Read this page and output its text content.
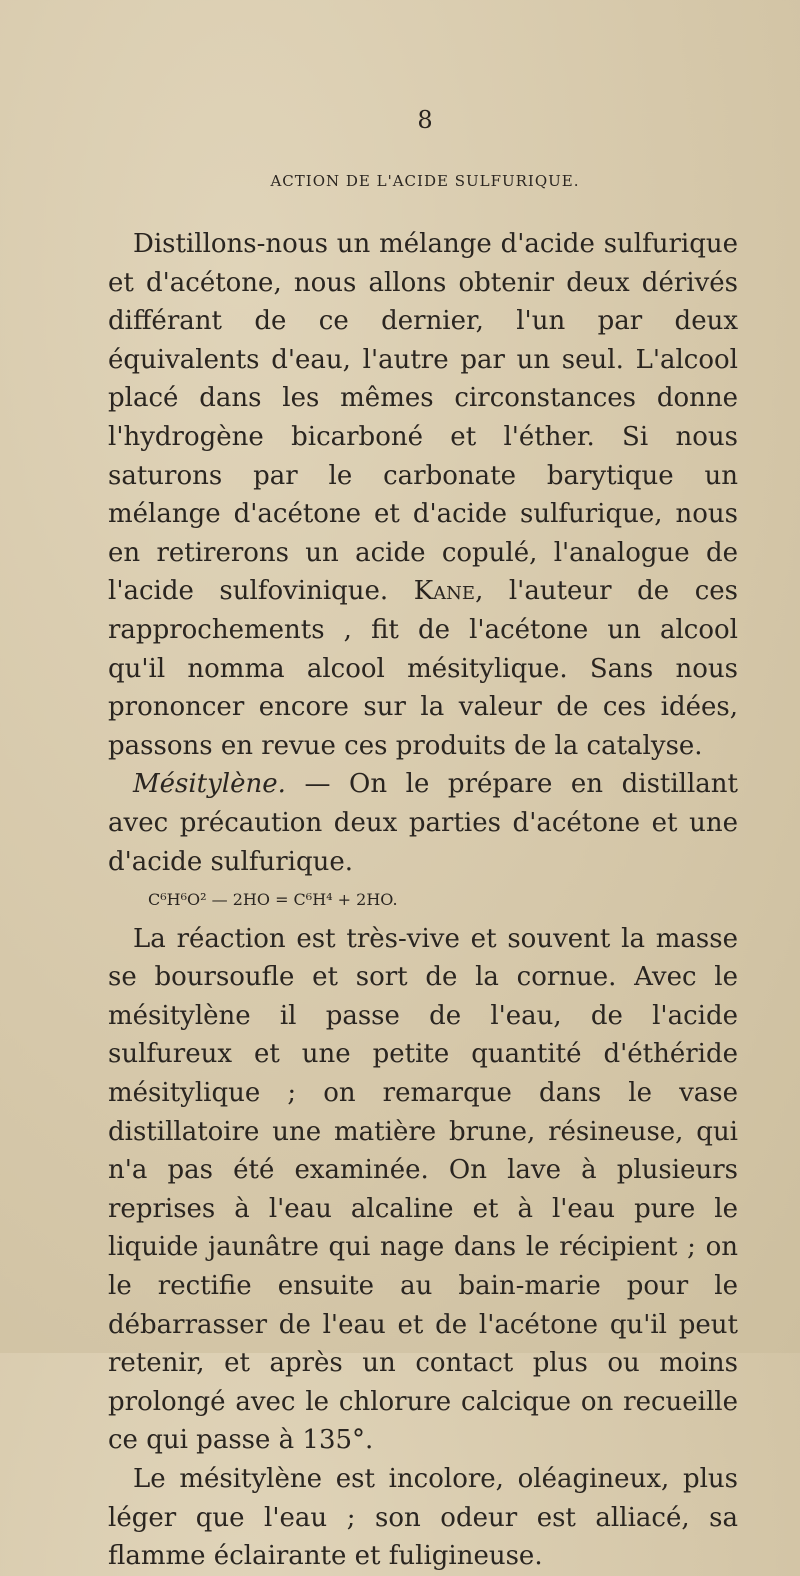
8
ACTION DE L'ACIDE SULFURIQUE.

Distillons-nous un mélange d'acide sulfurique et d'acétone, nous allons obtenir deux dérivés différant de ce dernier, l'un par deux équivalents d'eau, l'autre par un seul. L'alcool placé dans les mêmes circonstances donne l'hydrogène bicarboné et l'éther. Si nous saturons par le carbonate barytique un mélange d'acétone et d'acide sulfurique, nous en retirerons un acide copulé, l'analogue de l'acide sulfovinique. Kane, l'auteur de ces rapprochements , fit de l'acétone un alcool qu'il nomma alcool mésitylique. Sans nous prononcer encore sur la valeur de ces idées, passons en revue ces produits de la catalyse.

Mésitylène. — On le prépare en distillant avec précaution deux parties d'acétone et une d'acide sulfurique.

C⁶H⁶O² — 2HO = C⁶H⁴ + 2HO.

La réaction est très-vive et souvent la masse se boursoufle et sort de la cornue. Avec le mésitylène il passe de l'eau, de l'acide sulfureux et une petite quantité d'éthéride mésitylique ; on remarque dans le vase distillatoire une matière brune, résineuse, qui n'a pas été examinée. On lave à plusieurs reprises à l'eau alcaline et à l'eau pure le liquide jaunâtre qui nage dans le récipient ; on le rectifie ensuite au bain-marie pour le débarrasser de l'eau et de l'acétone qu'il peut retenir, et après un contact plus ou moins prolongé avec le chlorure calcique on recueille ce qui passe à 135°.

Le mésitylène est incolore, oléagineux, plus léger que l'eau ; son odeur est alliacé, sa flamme éclairante et fuligineuse.
